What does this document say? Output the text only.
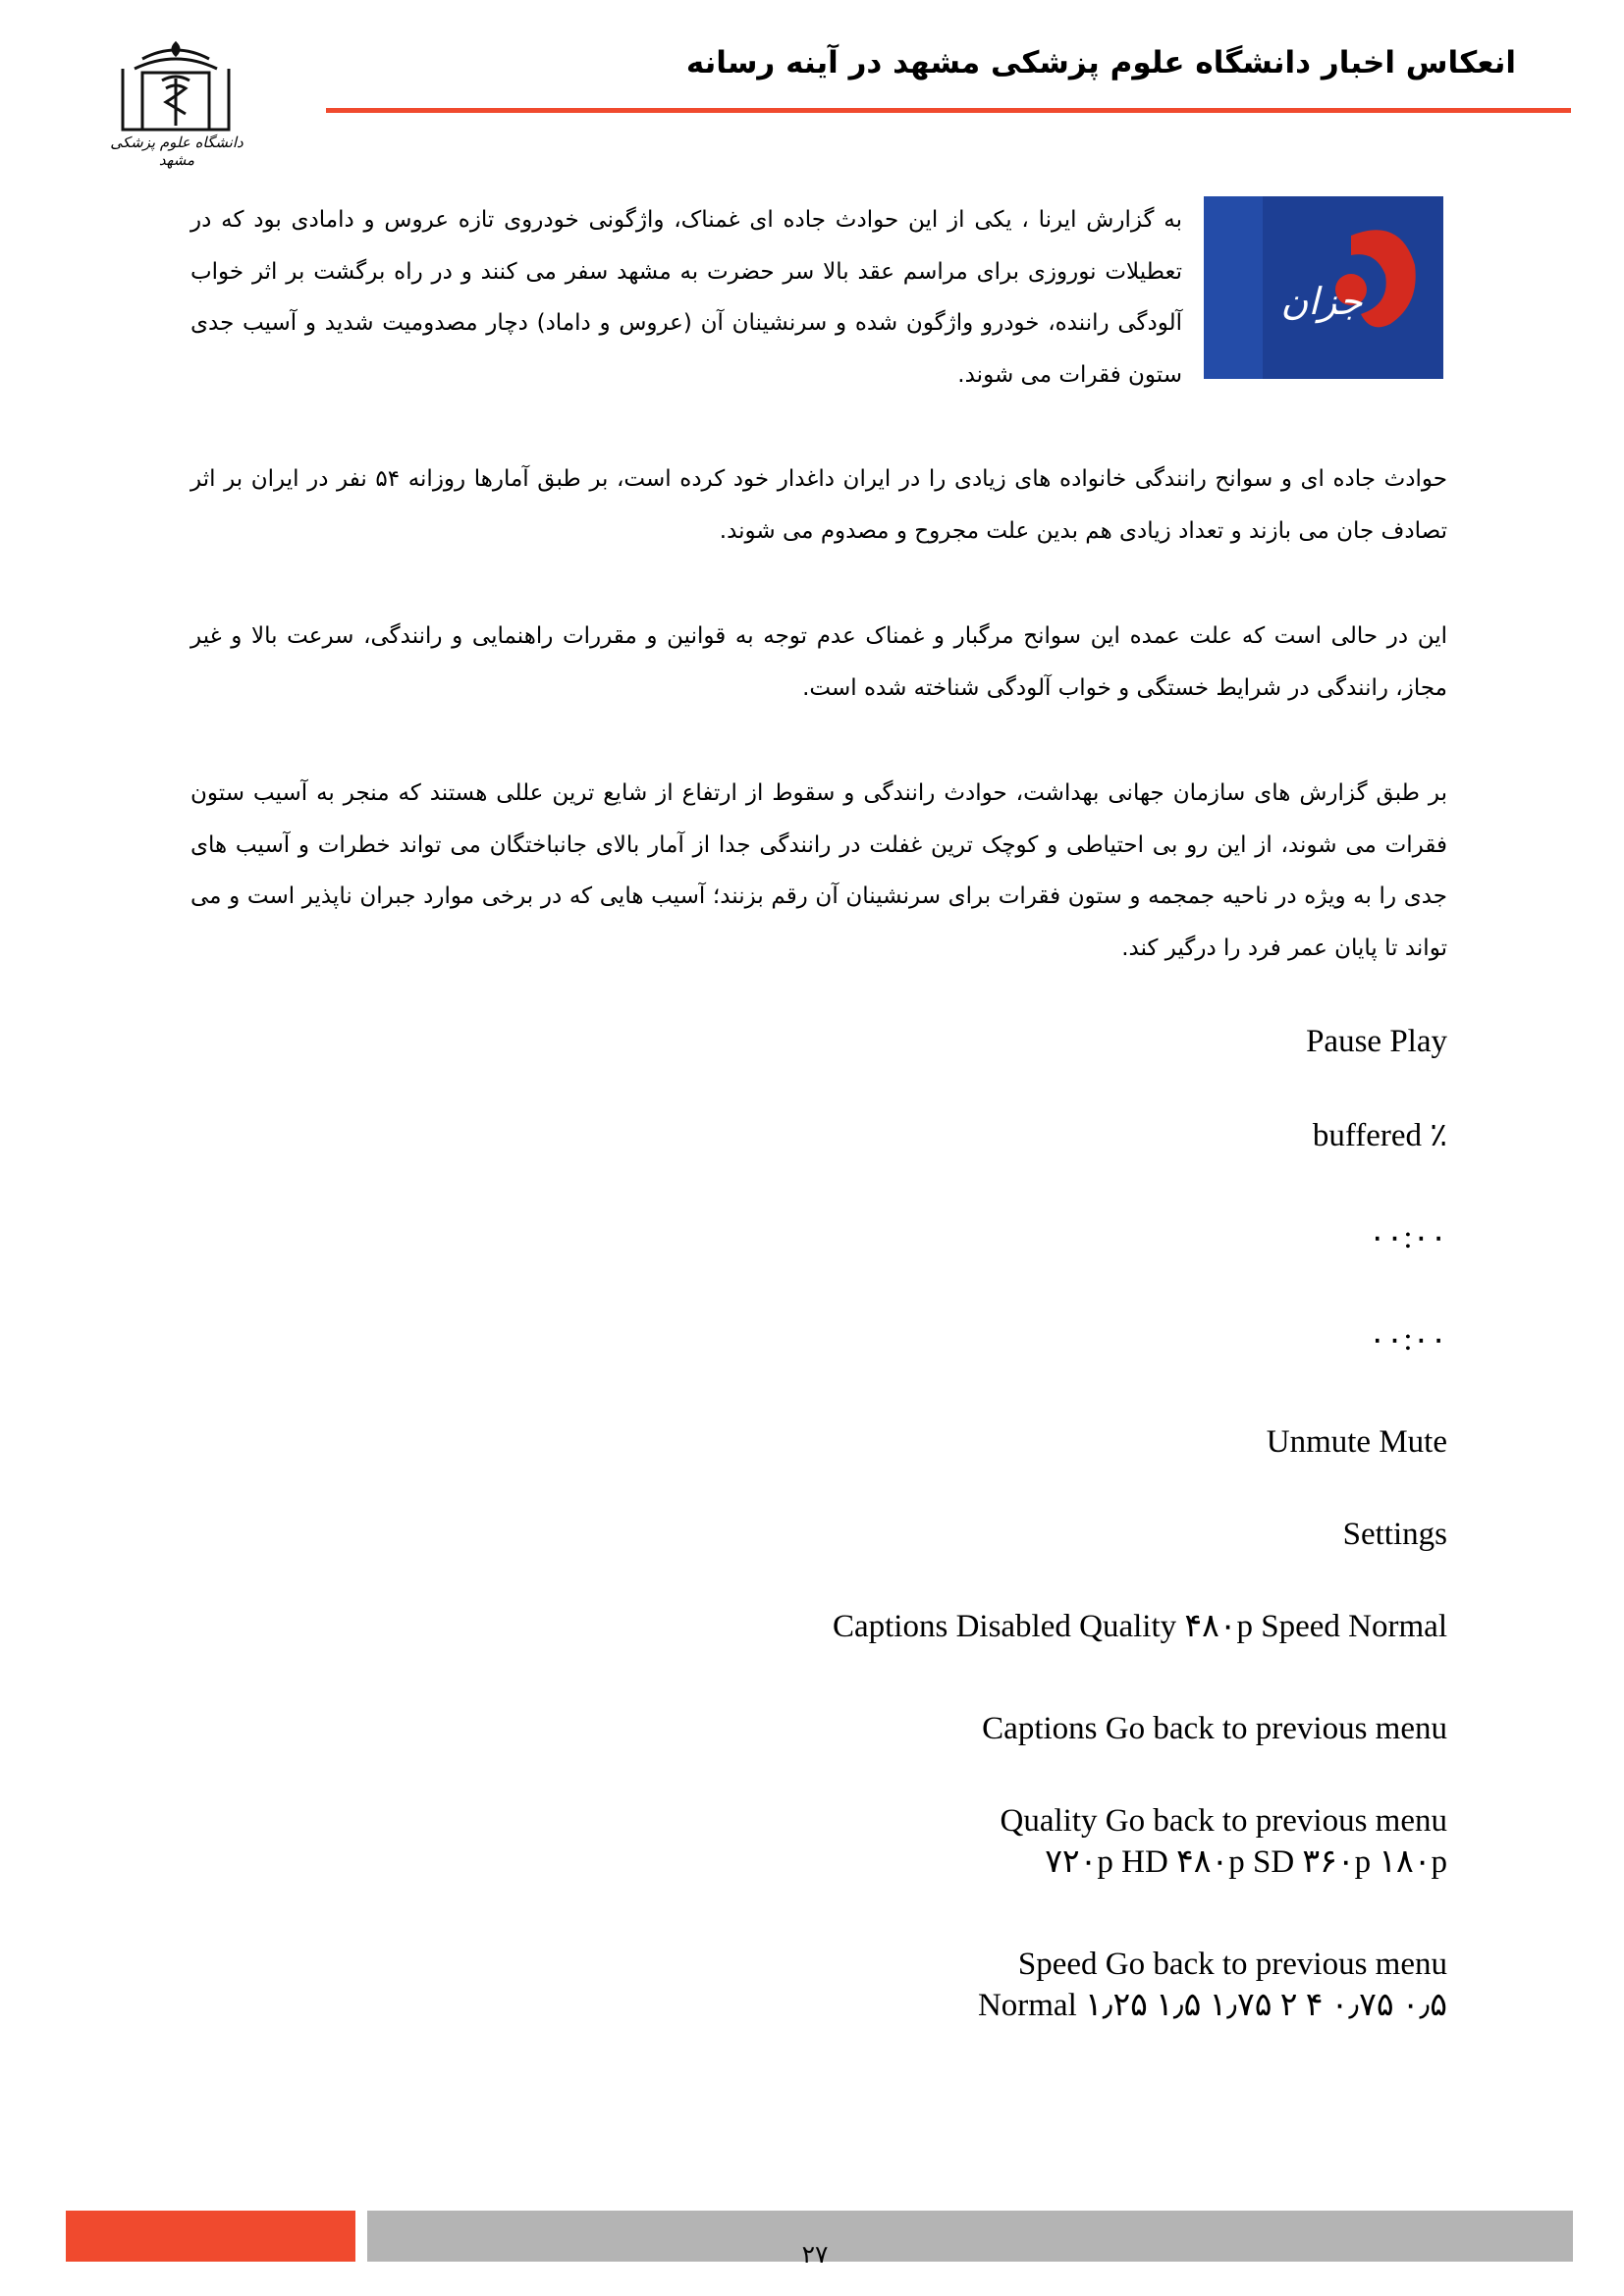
انعکاس اخبار دانشگاه علوم پزشکی مشهد در آینه رسانه
دانشگاه علوم پزشکی مشهد
جزان

به گزارش ایرنا ، یکی از این حوادث جاده ای غمناک، واژگونی خودروی تازه عروس و دامادی بود که در تعطیلات نوروزی برای مراسم عقد بالا سر حضرت به مشهد سفر می کنند و در راه برگشت بر اثر خواب آلودگی راننده، خودرو واژگون شده و سرنشینان آن (عروس و داماد) دچار مصدومیت شدید و آسیب جدی ستون فقرات می شوند.

حوادث جاده ای و سوانح رانندگی خانواده های زیادی را در ایران داغدار خود کرده است، بر طبق آمارها روزانه ۵۴ نفر در ایران بر اثر تصادف جان می بازند و تعداد زیادی هم بدین علت مجروح و مصدوم می شوند.

این در حالی است که علت عمده این سوانح مرگبار و غمناک عدم توجه به قوانین و مقررات راهنمایی و رانندگی، سرعت بالا و غیر مجاز، رانندگی در شرایط خستگی و خواب آلودگی شناخته شده است.

بر طبق گزارش های سازمان جهانی بهداشت، حوادث رانندگی و سقوط از ارتفاع از شایع ترین عللی هستند که منجر به آسیب ستون فقرات می شوند، از این رو بی احتیاطی و کوچک ترین غفلت در رانندگی جدا از آمار بالای جانباختگان می تواند خطرات و آسیب های جدی را به ویژه در ناحیه جمجمه و ستون فقرات برای سرنشینان آن رقم بزنند؛ آسیب هایی که در برخی موارد جبران ناپذیر است و می تواند تا پایان عمر فرد را درگیر کند.

Pause Play
buffered ٪
۰۰:۰۰
۰۰:۰۰
Unmute Mute
Settings
Captions Disabled Quality ۴۸۰p Speed Normal
Captions Go back to previous menu
Quality Go back to previous menu
۷۲۰p HD ۴۸۰p SD ۳۶۰p ۱۸۰p
Speed Go back to previous menu
Normal ۱٫۲۵ ۱٫۵ ۱٫۷۵ ۲ ۴ ۰٫۷۵ ۰٫۵
۲۷
